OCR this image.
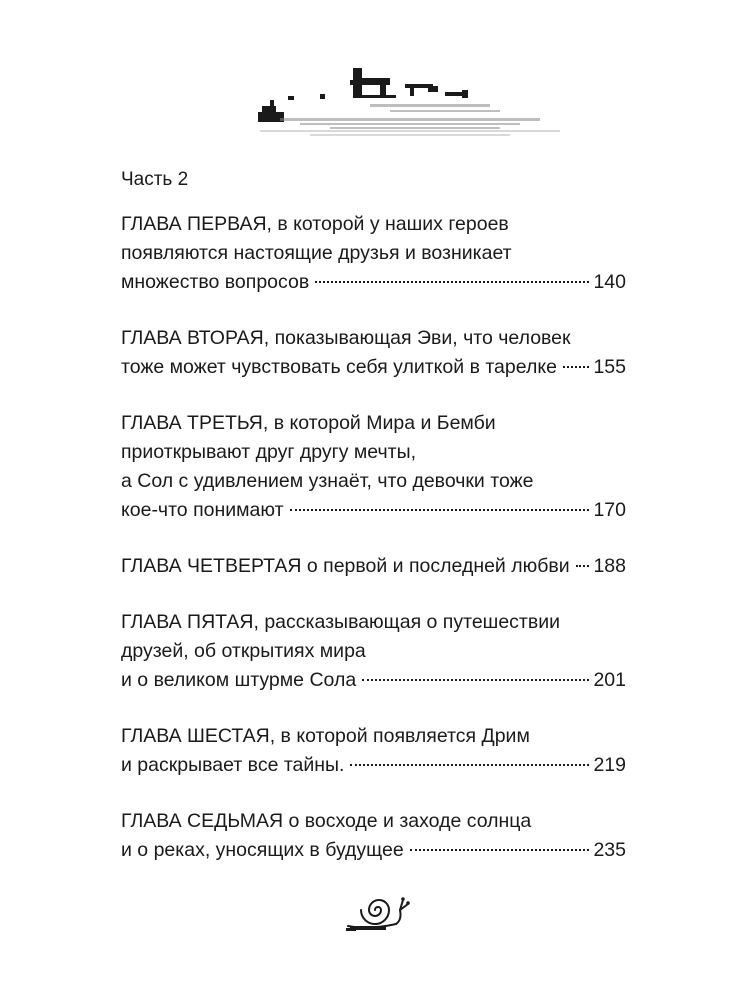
Часть 2
ГЛАВА ПЕРВАЯ, в которой у наших героев
появляются настоящие друзья и возникает
множество вопросов	140
ГЛАВА ВТОРАЯ, показывающая Эви, что человек
тоже может чувствовать себя улиткой в тарелке 155
ГЛАВА ТРЕТЬЯ, в которой Мира и Бемби
приоткрывают друг другу мечты,
а Сол с удивлением узнаёт, что девочки тоже
кое-что понимают	170
ГЛАВА ЧЕТВЕРТАЯ о первой и последней любви 188
ГЛАВА ПЯТАЯ, рассказывающая о путешествии
друзей, об открытиях мира
и о великом штурме Сола	201
ГЛАВА ШЕСТАЯ, в которой появляется Дрим
и раскрывает все тайны.	219
ГЛАВА СЕДЬМАЯ о восходе и заходе солнца
и о реках, уносящих в будущее	235
